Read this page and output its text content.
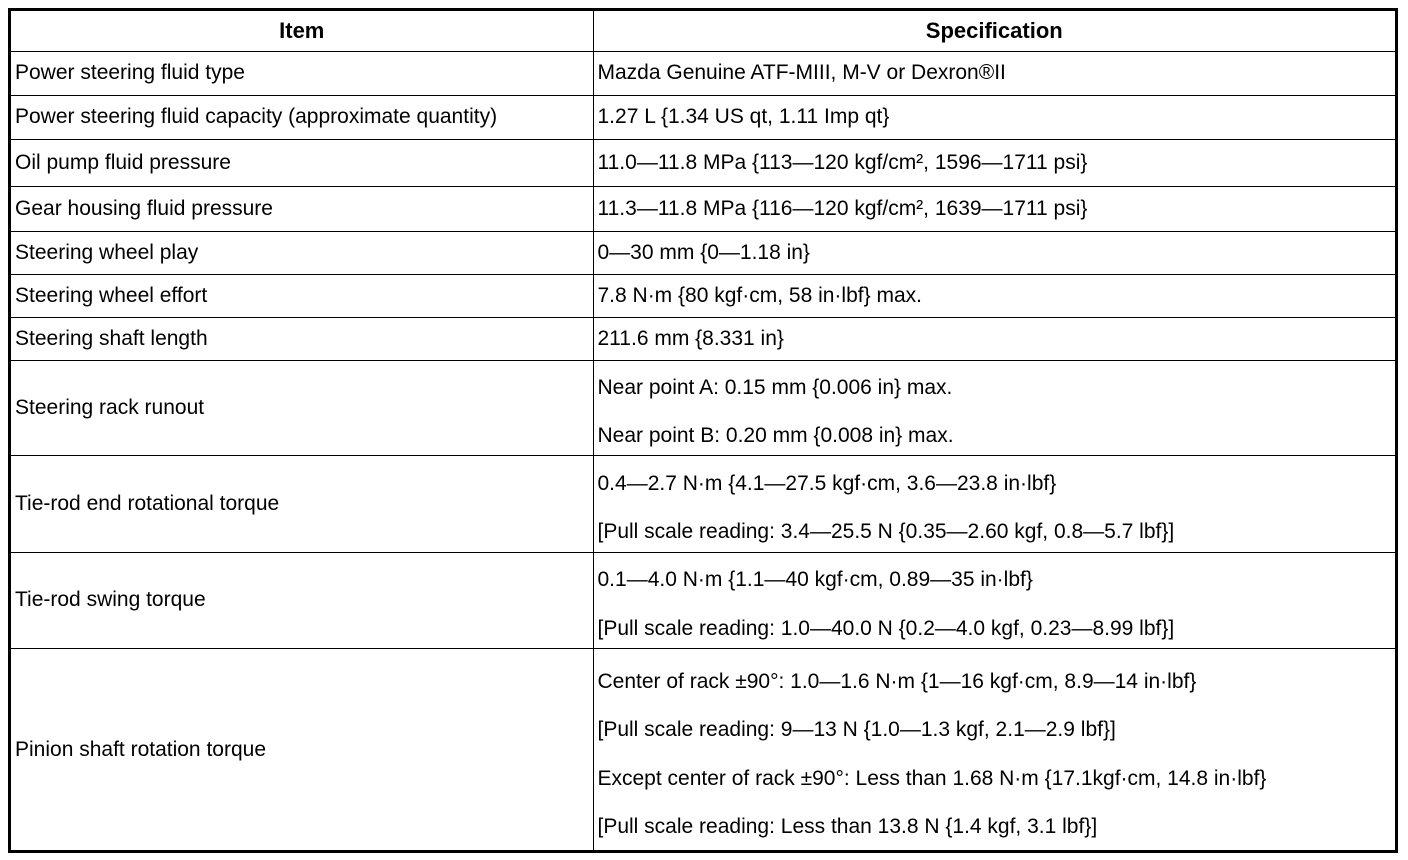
Item	Specification
Power steering fluid type	Mazda Genuine ATF-MIII, M-V or Dexron®II

Power steering fluid capacity (approximate quantity)	1.27 L {1.34 US qt, 1.11 Imp qt}

Oil pump fluid pressure	11.0—11.8 MPa {113—120 kgf/cm², 1596—1711 psi}

Gear housing fluid pressure	11.3—11.8 MPa {116—120 kgf/cm², 1639—1711 psi}

Steering wheel play	0—30 mm {0—1.18 in}

Steering wheel effort	7.8 N·m {80 kgf·cm, 58 in·lbf} max.

Steering shaft length	211.6 mm {8.331 in}

Steering rack runout	Near point A: 0.15 mm {0.006 in} max.
Near point B: 0.20 mm {0.008 in} max.

Tie-rod end rotational torque	0.4—2.7 N·m {4.1—27.5 kgf·cm, 3.6—23.8 in·lbf}
[Pull scale reading: 3.4—25.5 N {0.35—2.60 kgf, 0.8—5.7 lbf}]

Tie-rod swing torque	0.1—4.0 N·m {1.1—40 kgf·cm, 0.89—35 in·lbf}
[Pull scale reading: 1.0—40.0 N {0.2—4.0 kgf, 0.23—8.99 lbf}]

Pinion shaft rotation torque	Center of rack ±90°: 1.0—1.6 N·m {1—16 kgf·cm, 8.9—14 in·lbf}
[Pull scale reading: 9—13 N {1.0—1.3 kgf, 2.1—2.9 lbf}]
Except center of rack ±90°: Less than 1.68 N·m {17.1kgf·cm, 14.8 in·lbf}
[Pull scale reading: Less than 13.8 N {1.4 kgf, 3.1 lbf}]
